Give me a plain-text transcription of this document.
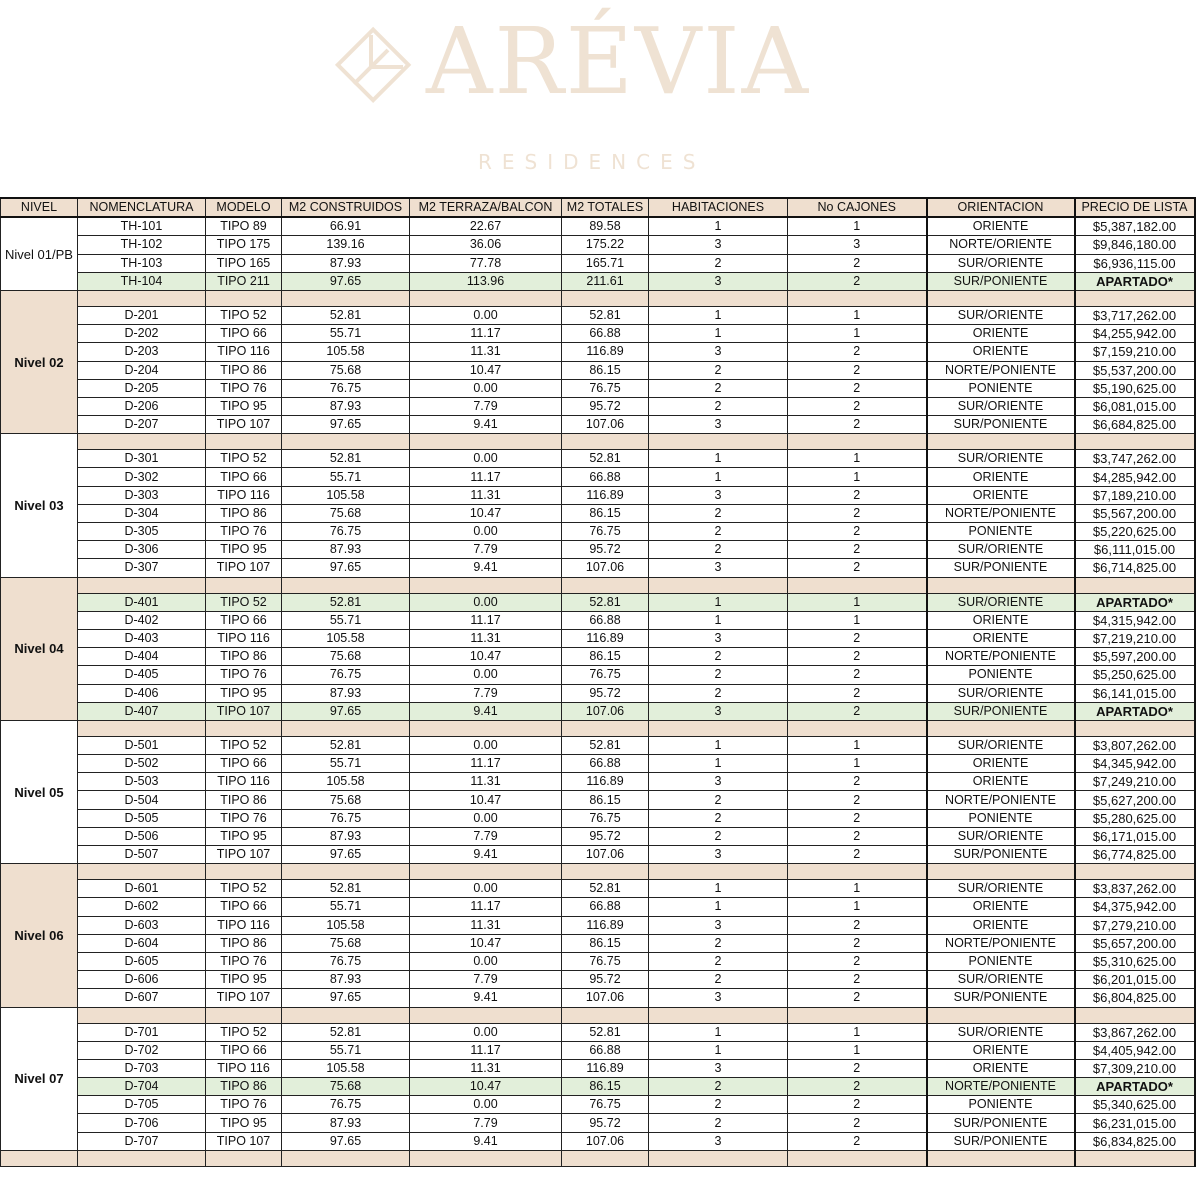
ARÉVIA
RESIDENCES
NIVEL	NOMENCLATURA	MODELO	M2 CONSTRUIDOS	M2 TERRAZA/BALCON	M2 TOTALES	HABITACIONES	No CAJONES	ORIENTACION	PRECIO DE LISTA
Nivel 01/PB	TH-101	TIPO 89	66.91	22.67	89.58	1	1	ORIENTE	$5,387,182.00
	TH-102	TIPO 175	139.16	36.06	175.22	3	3	NORTE/ORIENTE	$9,846,180.00
	TH-103	TIPO 165	87.93	77.78	165.71	2	2	SUR/ORIENTE	$6,936,115.00
	TH-104	TIPO 211	97.65	113.96	211.61	3	2	SUR/PONIENTE	APARTADO*
Nivel 02									
	D-201	TIPO 52	52.81	0.00	52.81	1	1	SUR/ORIENTE	$3,717,262.00
	D-202	TIPO 66	55.71	11.17	66.88	1	1	ORIENTE	$4,255,942.00
	D-203	TIPO 116	105.58	11.31	116.89	3	2	ORIENTE	$7,159,210.00
	D-204	TIPO 86	75.68	10.47	86.15	2	2	NORTE/PONIENTE	$5,537,200.00
	D-205	TIPO 76	76.75	0.00	76.75	2	2	PONIENTE	$5,190,625.00
	D-206	TIPO 95	87.93	7.79	95.72	2	2	SUR/ORIENTE	$6,081,015.00
	D-207	TIPO 107	97.65	9.41	107.06	3	2	SUR/PONIENTE	$6,684,825.00
Nivel 03									
	D-301	TIPO 52	52.81	0.00	52.81	1	1	SUR/ORIENTE	$3,747,262.00
	D-302	TIPO 66	55.71	11.17	66.88	1	1	ORIENTE	$4,285,942.00
	D-303	TIPO 116	105.58	11.31	116.89	3	2	ORIENTE	$7,189,210.00
	D-304	TIPO 86	75.68	10.47	86.15	2	2	NORTE/PONIENTE	$5,567,200.00
	D-305	TIPO 76	76.75	0.00	76.75	2	2	PONIENTE	$5,220,625.00
	D-306	TIPO 95	87.93	7.79	95.72	2	2	SUR/ORIENTE	$6,111,015.00
	D-307	TIPO 107	97.65	9.41	107.06	3	2	SUR/PONIENTE	$6,714,825.00
Nivel 04									
	D-401	TIPO 52	52.81	0.00	52.81	1	1	SUR/ORIENTE	APARTADO*
	D-402	TIPO 66	55.71	11.17	66.88	1	1	ORIENTE	$4,315,942.00
	D-403	TIPO 116	105.58	11.31	116.89	3	2	ORIENTE	$7,219,210.00
	D-404	TIPO 86	75.68	10.47	86.15	2	2	NORTE/PONIENTE	$5,597,200.00
	D-405	TIPO 76	76.75	0.00	76.75	2	2	PONIENTE	$5,250,625.00
	D-406	TIPO 95	87.93	7.79	95.72	2	2	SUR/ORIENTE	$6,141,015.00
	D-407	TIPO 107	97.65	9.41	107.06	3	2	SUR/PONIENTE	APARTADO*
Nivel 05									
	D-501	TIPO 52	52.81	0.00	52.81	1	1	SUR/ORIENTE	$3,807,262.00
	D-502	TIPO 66	55.71	11.17	66.88	1	1	ORIENTE	$4,345,942.00
	D-503	TIPO 116	105.58	11.31	116.89	3	2	ORIENTE	$7,249,210.00
	D-504	TIPO 86	75.68	10.47	86.15	2	2	NORTE/PONIENTE	$5,627,200.00
	D-505	TIPO 76	76.75	0.00	76.75	2	2	PONIENTE	$5,280,625.00
	D-506	TIPO 95	87.93	7.79	95.72	2	2	SUR/ORIENTE	$6,171,015.00
	D-507	TIPO 107	97.65	9.41	107.06	3	2	SUR/PONIENTE	$6,774,825.00
Nivel 06									
	D-601	TIPO 52	52.81	0.00	52.81	1	1	SUR/ORIENTE	$3,837,262.00
	D-602	TIPO 66	55.71	11.17	66.88	1	1	ORIENTE	$4,375,942.00
	D-603	TIPO 116	105.58	11.31	116.89	3	2	ORIENTE	$7,279,210.00
	D-604	TIPO 86	75.68	10.47	86.15	2	2	NORTE/PONIENTE	$5,657,200.00
	D-605	TIPO 76	76.75	0.00	76.75	2	2	PONIENTE	$5,310,625.00
	D-606	TIPO 95	87.93	7.79	95.72	2	2	SUR/ORIENTE	$6,201,015.00
	D-607	TIPO 107	97.65	9.41	107.06	3	2	SUR/PONIENTE	$6,804,825.00
Nivel 07									
	D-701	TIPO 52	52.81	0.00	52.81	1	1	SUR/ORIENTE	$3,867,262.00
	D-702	TIPO 66	55.71	11.17	66.88	1	1	ORIENTE	$4,405,942.00
	D-703	TIPO 116	105.58	11.31	116.89	3	2	ORIENTE	$7,309,210.00
	D-704	TIPO 86	75.68	10.47	86.15	2	2	NORTE/PONIENTE	APARTADO*
	D-705	TIPO 76	76.75	0.00	76.75	2	2	PONIENTE	$5,340,625.00
	D-706	TIPO 95	87.93	7.79	95.72	2	2	SUR/PONIENTE	$6,231,015.00
	D-707	TIPO 107	97.65	9.41	107.06	3	2	SUR/PONIENTE	$6,834,825.00
